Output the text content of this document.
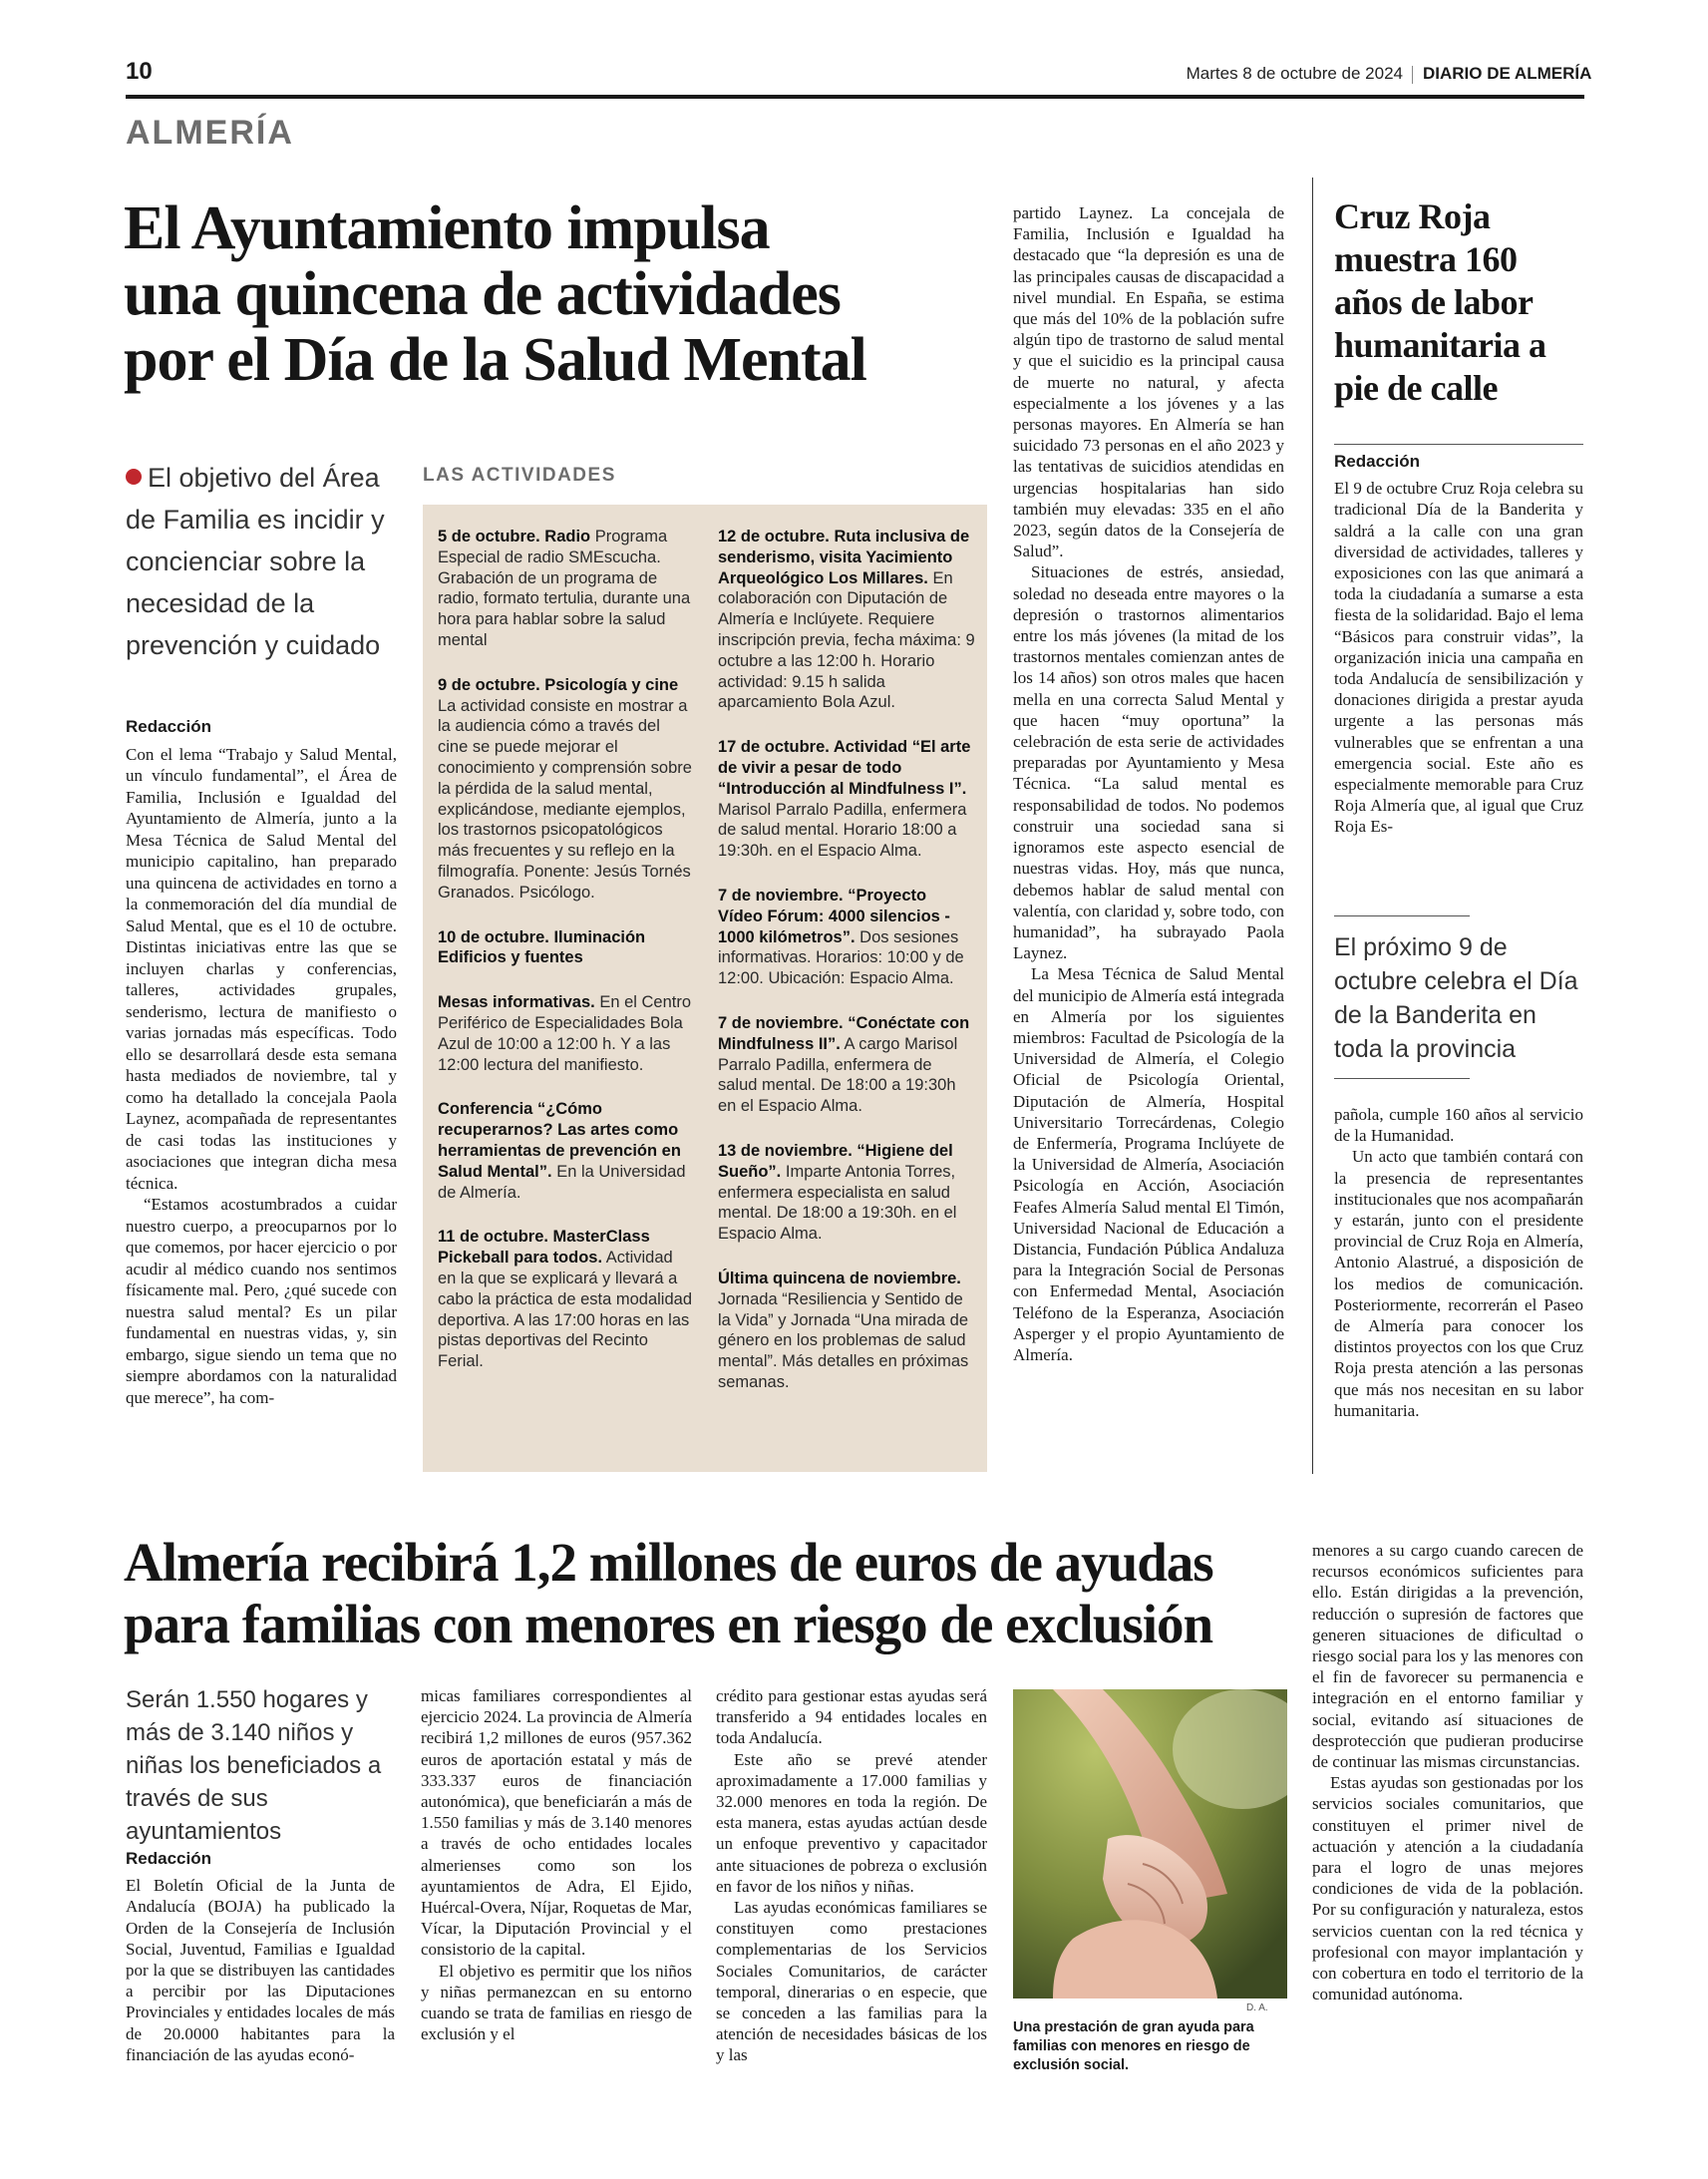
10	Martes 8 de octubre de 2024 DIARIO DE ALMERÍA
ALMERÍA
El Ayuntamiento impulsa
una quincena de actividades
por el Día de la Salud Mental
El objetivo del Área de Familia es incidir y concienciar sobre la necesidad de la prevención y cuidado
Redacción

Con el lema “Trabajo y Salud Mental, un vínculo fundamental”, el Área de Familia, Inclusión e Igualdad del Ayuntamiento de Almería, junto a la Mesa Técnica de Salud Mental del municipio capitalino, han preparado una quincena de actividades en torno a la conmemoración del día mundial de Salud Mental, que es el 10 de octubre. Distintas iniciativas entre las que se incluyen charlas y conferencias, talleres, actividades grupales, senderismo, lectura de manifiesto o varias jornadas más específicas. Todo ello se desarrollará desde esta semana hasta mediados de noviembre, tal y como ha detallado la concejala Paola Laynez, acompañada de representantes de casi todas las instituciones y asociaciones que integran dicha mesa técnica.

“Estamos acostumbrados a cuidar nuestro cuerpo, a preocuparnos por lo que comemos, por hacer ejercicio o por acudir al médico cuando nos sentimos físicamente mal. Pero, ¿qué sucede con nuestra salud mental? Es un pilar fundamental en nuestras vidas, y, sin embargo, sigue siendo un tema que no siempre abordamos con la naturalidad que merece”, ha com-

LAS ACTIVIDADES
5 de octubre. Radio Programa Especial de radio SMEscucha. Grabación de un programa de radio, formato tertulia, durante una hora para hablar sobre la salud mental
9 de octubre. Psicología y cine La actividad consiste en mostrar a la audiencia cómo a través del cine se puede mejorar el conocimiento y comprensión sobre la pérdida de la salud mental, explicándose, mediante ejemplos, los trastornos psicopatológicos más frecuentes y su reflejo en la filmografía. Ponente: Jesús Tornés Granados. Psicólogo.
10 de octubre. Iluminación Edificios y fuentes
Mesas informativas. En el Centro Periférico de Especialidades Bola Azul de 10:00 a 12:00 h. Y a las 12:00 lectura del manifiesto.
Conferencia “¿Cómo recuperarnos? Las artes como herramientas de prevención en Salud Mental”. En la Universidad de Almería.
11 de octubre. MasterClass Pickeball para todos. Actividad en la que se explicará y llevará a cabo la práctica de esta modalidad deportiva. A las 17:00 horas en las pistas deportivas del Recinto Ferial.
12 de octubre. Ruta inclusiva de senderismo, visita Yacimiento Arqueológico Los Millares. En colaboración con Diputación de Almería e Inclúyete. Requiere inscripción previa, fecha máxima: 9 octubre a las 12:00 h. Horario actividad: 9.15 h salida aparcamiento Bola Azul.
17 de octubre. Actividad “El arte de vivir a pesar de todo “Introducción al Mindfulness I”. Marisol Parralo Padilla, enfermera de salud mental. Horario 18:00 a 19:30h. en el Espacio Alma.
7 de noviembre. “Proyecto Vídeo Fórum: 4000 silencios - 1000 kilómetros”. Dos sesiones informativas. Horarios: 10:00 y de 12:00. Ubicación: Espacio Alma.
7 de noviembre. “Conéctate con Mindfulness II”. A cargo Marisol Parralo Padilla, enfermera de salud mental. De 18:00 a 19:30h en el Espacio Alma.
13 de noviembre. “Higiene del Sueño”. Imparte Antonia Torres, enfermera especialista en salud mental. De 18:00 a 19:30h. en el Espacio Alma.
Última quincena de noviembre. Jornada “Resiliencia y Sentido de la Vida” y Jornada “Una mirada de género en los problemas de salud mental”. Más detalles en próximas semanas.

partido Laynez. La concejala de Familia, Inclusión e Igualdad ha destacado que “la depresión es una de las principales causas de discapacidad a nivel mundial. En España, se estima que más del 10% de la población sufre algún tipo de trastorno de salud mental y que el suicidio es la principal causa de muerte no natural, y afecta especialmente a los jóvenes y a las personas mayores. En Almería se han suicidado 73 personas en el año 2023 y las tentativas de suicidios atendidas en urgencias hospitalarias han sido también muy elevadas: 335 en el año 2023, según datos de la Consejería de Salud”.

Situaciones de estrés, ansiedad, soledad no deseada entre mayores o la depresión o trastornos alimentarios entre los más jóvenes (la mitad de los trastornos mentales comienzan antes de los 14 años) son otros males que hacen mella en una correcta Salud Mental y que hacen “muy oportuna” la celebración de esta serie de actividades preparadas por Ayuntamiento y Mesa Técnica. “La salud mental es responsabilidad de todos. No podemos construir una sociedad sana si ignoramos este aspecto esencial de nuestras vidas. Hoy, más que nunca, debemos hablar de salud mental con valentía, con claridad y, sobre todo, con humanidad”, ha subrayado Paola Laynez.

La Mesa Técnica de Salud Mental del municipio de Almería está integrada en Almería por los siguientes miembros: Facultad de Psicología de la Universidad de Almería, el Colegio Oficial de Psicología Oriental, Diputación de Almería, Hospital Universitario Torrecárdenas, Colegio de Enfermería, Programa Inclúyete de la Universidad de Almería, Asociación Psicología en Acción, Asociación Feafes Almería Salud mental El Timón, Universidad Nacional de Educación a Distancia, Fundación Pública Andaluza para la Integración Social de Personas con Enfermedad Mental, Asociación Teléfono de la Esperanza, Asociación Asperger y el propio Ayuntamiento de Almería.

Cruz Roja muestra 160 años de labor humanitaria a pie de calle
Redacción

El 9 de octubre Cruz Roja celebra su tradicional Día de la Banderita y saldrá a la calle con una gran diversidad de actividades, talleres y exposiciones con las que animará a toda la ciudadanía a sumarse a esta fiesta de la solidaridad. Bajo el lema “Básicos para construir vidas”, la organización inicia una campaña en toda Andalucía de sensibilización y donaciones dirigida a prestar ayuda urgente a las personas más vulnerables que se enfrentan a una emergencia social. Este año es especialmente memorable para Cruz Roja Almería que, al igual que Cruz Roja Es-

El próximo 9 de octubre celebra el Día de la Banderita en toda la provincia

pañola, cumple 160 años al servicio de la Humanidad.

Un acto que también contará con la presencia de representantes institucionales que nos acompañarán y estarán, junto con el presidente provincial de Cruz Roja en Almería, Antonio Alastrué, a disposición de los medios de comunicación. Posteriormente, recorrerán el Paseo de Almería para conocer los distintos proyectos con los que Cruz Roja presta atención a las personas que más nos necesitan en su labor humanitaria.

Almería recibirá 1,2 millones de euros de ayudas
para familias con menores en riesgo de exclusión
Serán 1.550 hogares y más de 3.140 niños y niñas los beneficiados a través de sus ayuntamientos
Redacción

El Boletín Oficial de la Junta de Andalucía (BOJA) ha publicado la Orden de la Consejería de Inclusión Social, Juventud, Familias e Igualdad por la que se distribuyen las cantidades a percibir por las Diputaciones Provinciales y entidades locales de más de 20.0000 habitantes para la financiación de las ayudas econó-

micas familiares correspondientes al ejercicio 2024. La provincia de Almería recibirá 1,2 millones de euros (957.362 euros de aportación estatal y más de 333.337 euros de financiación autonómica), que beneficiarán a más de 1.550 familias y más de 3.140 menores a través de ocho entidades locales almerienses como son los ayuntamientos de Adra, El Ejido, Huércal-Overa, Níjar, Roquetas de Mar, Vícar, la Diputación Provincial y el consistorio de la capital.

El objetivo es permitir que los niños y niñas permanezcan en su entorno cuando se trata de familias en riesgo de exclusión y el

crédito para gestionar estas ayudas será transferido a 94 entidades locales en toda Andalucía.

Este año se prevé atender aproximadamente a 17.000 familias y 32.000 menores en toda la región. De esta manera, estas ayudas actúan desde un enfoque preventivo y capacitador ante situaciones de pobreza o exclusión en favor de los niños y niñas.

Las ayudas económicas familiares se constituyen como prestaciones complementarias de los Servicios Sociales Comunitarios, de carácter temporal, dinerarias o en especie, que se conceden a las familias para la atención de necesidades básicas de los y las

D. A.
Una prestación de gran ayuda para familias con menores en riesgo de exclusión social.

menores a su cargo cuando carecen de recursos económicos suficientes para ello. Están dirigidas a la prevención, reducción o supresión de factores que generen situaciones de dificultad o riesgo social para los y las menores con el fin de favorecer su permanencia e integración en el entorno familiar y social, evitando así situaciones de desprotección que pudieran producirse de continuar las mismas circunstancias.

Estas ayudas son gestionadas por los servicios sociales comunitarios, que constituyen el primer nivel de actuación y atención a la ciudadanía para el logro de unas mejores condiciones de vida de la población. Por su configuración y naturaleza, estos servicios cuentan con la red técnica y profesional con mayor implantación y con cobertura en todo el territorio de la comunidad autónoma.
